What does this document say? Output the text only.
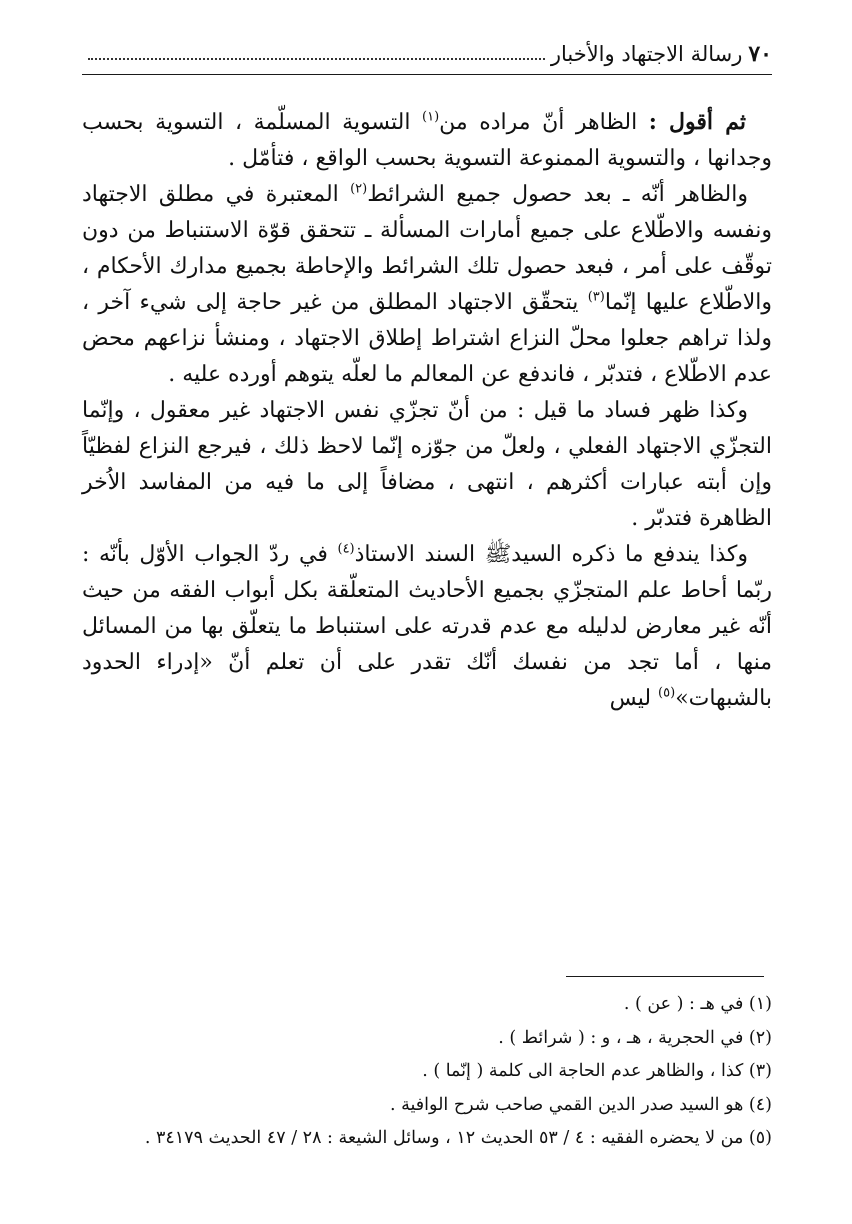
٧٠
رسالة الاجتهاد والأخبار

ثم أقول : الظاهر أنّ مراده من$^{(١)}$ التسوية المسلّمة ، التسوية بحسب وجدانها ، والتسوية الممنوعة التسوية بحسب الواقع ، فتأمّل .

والظاهر أنّه ـ بعد حصول جميع الشرائط$^{(٢)}$ المعتبرة في مطلق الاجتهاد ونفسه والاطّلاع على جميع أمارات المسألة ـ تتحقق قوّة الاستنباط من دون توقّف على أمر ، فبعد حصول تلك الشرائط والإحاطة بجميع مدارك الأحكام ، والاطّلاع عليها إنّما$^{(٣)}$ يتحقّق الاجتهاد المطلق من غير حاجة إلى شيء آخر ، ولذا تراهم جعلوا محلّ النزاع اشتراط إطلاق الاجتهاد ، ومنشأ نزاعهم محض عدم الاطّلاع ، فتدبّر ، فاندفع عن المعالم ما لعلّه يتوهم أورده عليه .

وكذا ظهر فساد ما قيل : من أنّ تجزّي نفس الاجتهاد غير معقول ، وإنّما التجزّي الاجتهاد الفعلي ، ولعلّ من جوّزه إنّما لاحظ ذلك ، فيرجع النزاع لفظيّاً وإن أبته عبارات أكثرهم ، انتهى ، مضافاً إلى ما فيه من المفاسد الاُخر الظاهرة فتدبّر .

وكذا يندفع ما ذكره السيدﷺ السند الاستاذ$^{(٤)}$ في ردّ الجواب الأوّل بأنّه : ربّما أحاط علم المتجزّي بجميع الأحاديث المتعلّقة بكل أبواب الفقه من حيث أنّه غير معارض لدليله مع عدم قدرته على استنباط ما يتعلّق بها من المسائل منها ، أما تجد من نفسك أنّك تقدر على أن تعلم أنّ «إدراء الحدود بالشبهات»$^{(٥)}$ ليس

(١) في هـ : ( عن ) .

(٢) في الحجرية ، هـ ، و : ( شرائط ) .

(٣) كذا ، والظاهر عدم الحاجة الى كلمة ( إنّما ) .

(٤) هو السيد صدر الدين القمي صاحب شرح الوافية .

(٥) من لا يحضره الفقيه : ٤ / ٥٣ الحديث ١٢ ، وسائل الشيعة : ٢٨ / ٤٧ الحديث ٣٤١٧٩ .
